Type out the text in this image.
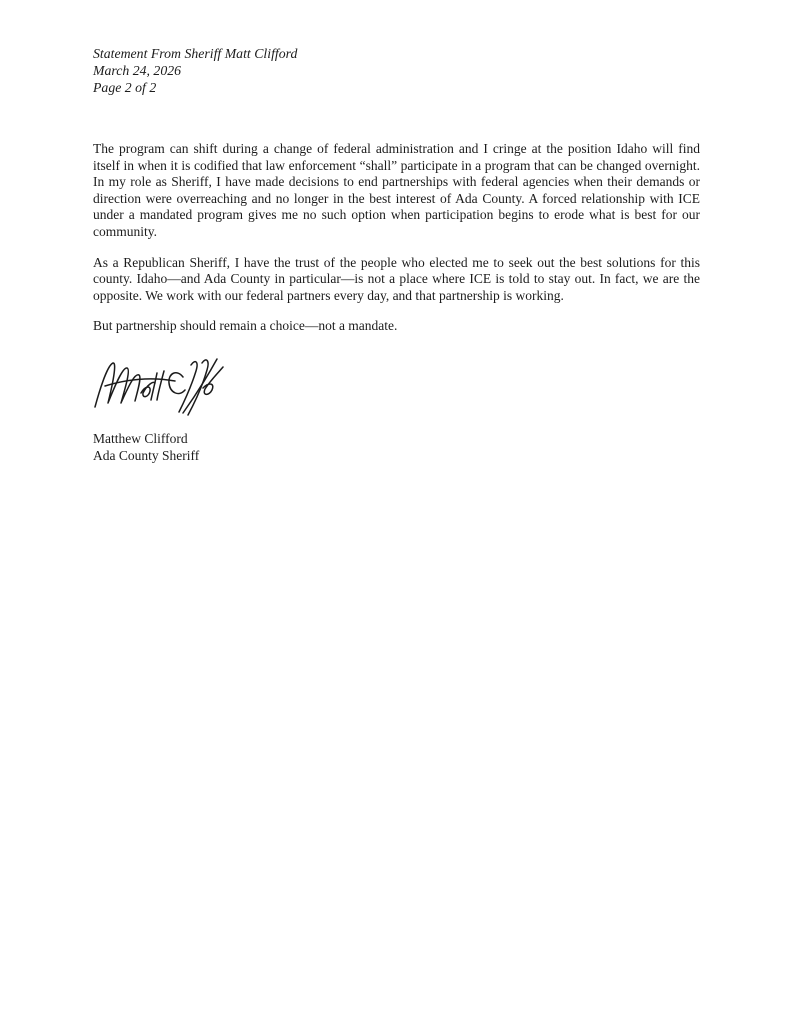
Statement From Sheriff Matt Clifford
March 24, 2026
Page 2 of 2

The program can shift during a change of federal administration and I cringe at the position Idaho will find itself in when it is codified that law enforcement “shall” participate in a program that can be changed overnight. In my role as Sheriff, I have made decisions to end partnerships with federal agencies when their demands or direction were overreaching and no longer in the best interest of Ada County. A forced relationship with ICE under a mandated program gives me no such option when participation begins to erode what is best for our community.

As a Republican Sheriff, I have the trust of the people who elected me to seek out the best solutions for this county. Idaho—and Ada County in particular—is not a place where ICE is told to stay out. In fact, we are the opposite. We work with our federal partners every day, and that partnership is working.

But partnership should remain a choice—not a mandate.

Matthew Clifford
Ada County Sheriff
